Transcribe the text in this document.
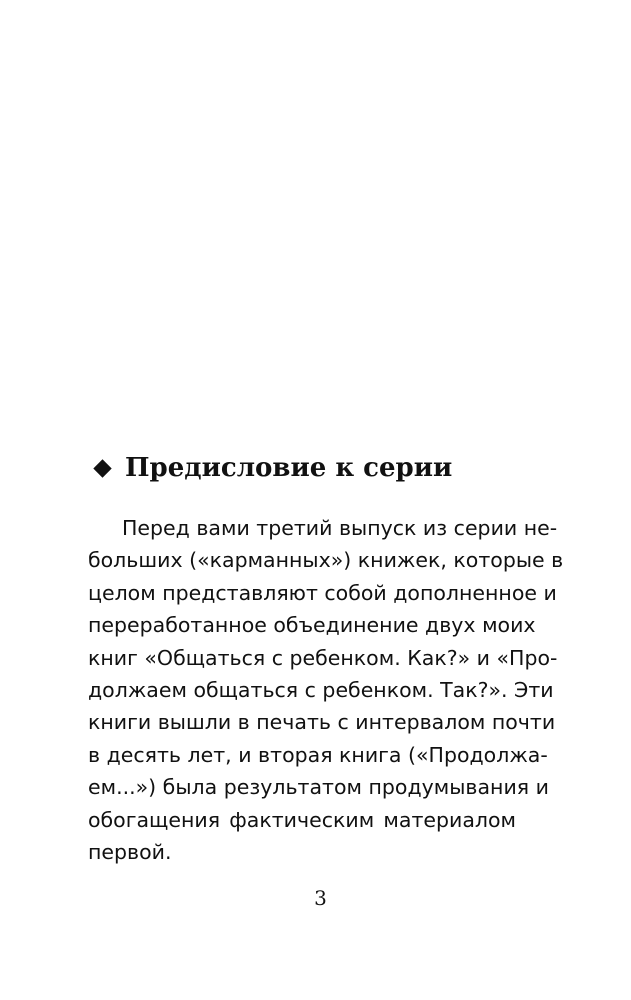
Предисловие к серии
Перед вами третий выпуск из серии не-
больших («карманных») книжек, которые в
целом представляют собой дополненное и
переработанное объединение двух моих
книг «Общаться с ребенком. Как?» и «Про-
должаем общаться с ребенком. Так?». Эти
книги вышли в печать с интервалом почти
в десять лет, и вторая книга («Продолжа-
ем...») была результатом продумывания и
обогащения фактическим материалом
первой.
3
